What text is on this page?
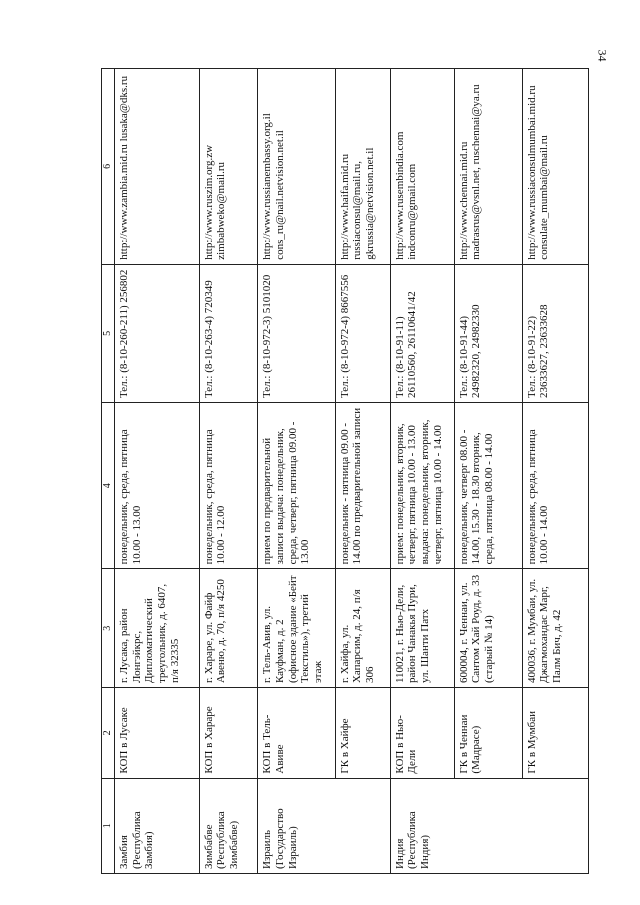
34
1	2	3	4	5	6
Замбия (Республика Замбия)	КОП в Лусаке	г. Лусака, район Лонгэйкрс, Дипломатический треугольник, д. 6407, п/я 32335	понедельник, среда, пятница 10.00 - 13.00	Тел.: (8-10-260-211) 256802	http://www.zambia.mid.ru lusaka@dks.ru
Зимбабве (Республика Зимбабве)	КОП в Хараре	г. Хараре, ул. Файф Авеню, д. 70, п/я 4250	понедельник, среда, пятница 10.00 - 12.00	Тел.: (8-10-263-4) 720349	http://www.ruszim.org.zw zimbabweko@mail.ru
Израиль (Государство Израиль)	КОП в Тель-Авиве	г. Тель-Авив, ул. Кауфман, д. 2 (офисное здание «Бейт Текстиль»), третий этаж	прием по предварительной записи выдача: понедельник, среда, четверг, пятница 09.00 - 13.00	Тел.: (8-10-972-3) 5101020	http://www.russianembassy.org.il cons_ru@nail.netvision.net.il
	ГК в Хайфе	г. Хайфа, ул. Хапарсим, д. 24, п/я 306	понедельник - пятница 09.00 - 14.00 по предварительной записи	Тел.: (8-10-972-4) 8667556	http://www.haifa.mid.ru russiaconsul@mail.ru, gkrussia@netvision.net.il
Индия (Республика Индия)	КОП в Нью-Дели	110021, г. Нью-Дели, район Чанакья Пури, ул. Шанти Патх	прием: понедельник, вторник, четверг, пятница 10.00 - 13.00 выдача: понедельник, вторник, четверг, пятница 10.00 - 14.00	Тел.: (8-10-91-11) 26110560, 26110641/42	http://www.rusembindia.com indconru@gmail.com
	ГК в Ченнаи (Мадрасе)	600004, г. Ченнаи, ул. Сантом Хай Роуд, д. 33 (старый № 14)	понедельник, четверг 08.00 - 14.00, 15.30 - 18.30 вторник, среда, пятница 08.00 - 14.00	Тел.: (8-10-91-44) 24982320, 24982330	http://www.chennai.mid.ru madrasrus@vsnl.net, ruschennai@ya.ru
	ГК в Мумбаи	400036, г. Мумбаи, ул. Джагмохандас Марг, Палм Бич, д. 42	понедельник, среда, пятница 10.00 - 14.00	Тел.: (8-10-91-22) 23633627, 23633628	http://www.russiaconsulmumbai.mid.ru consulate_mumbai@mail.ru
